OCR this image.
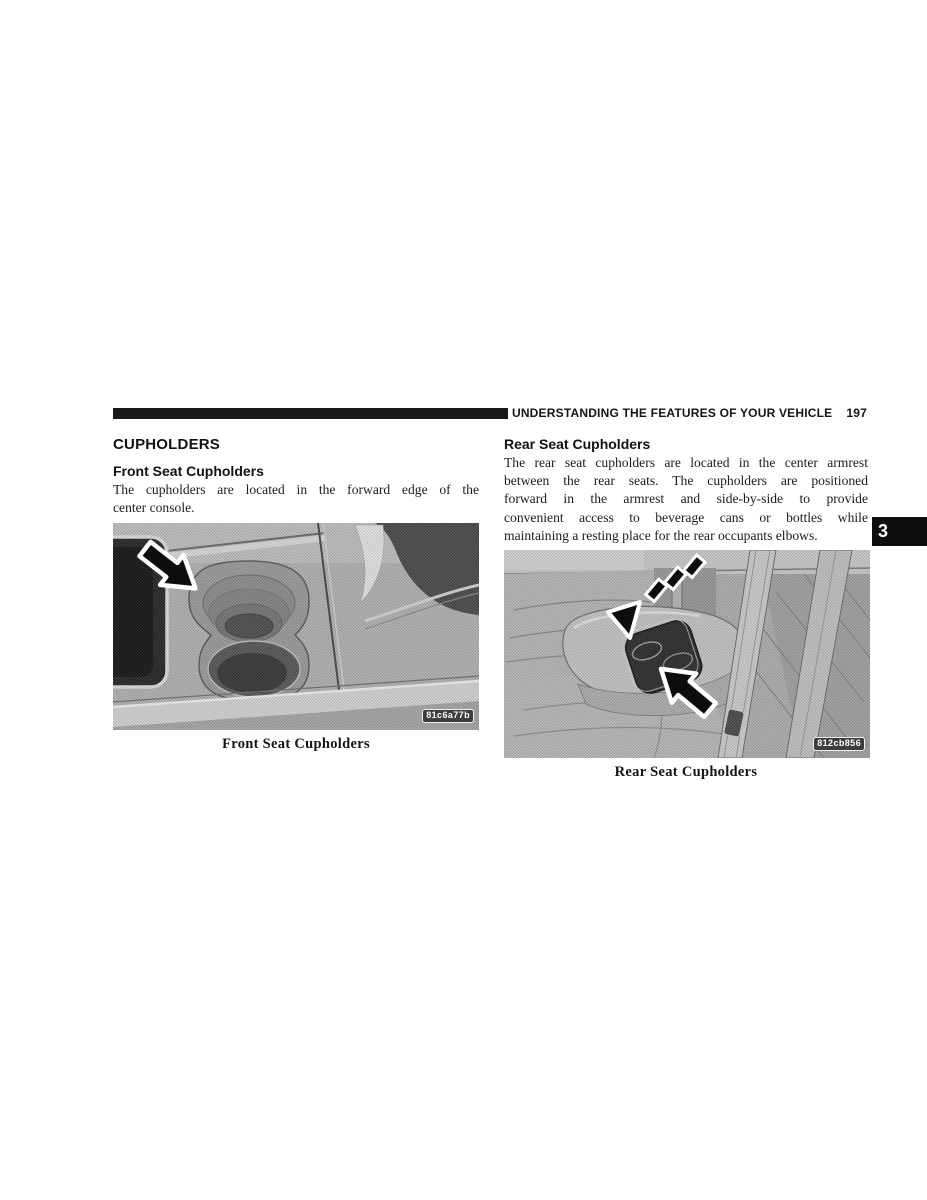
UNDERSTANDING THE FEATURES OF YOUR VEHICLE 197
3
CUPHOLDERS
Front Seat Cupholders
The cupholders are located in the forward edge of the
center console.
81c6a77b
Front Seat Cupholders
Rear Seat Cupholders
The rear seat cupholders are located in the center armrest
between the rear seats. The cupholders are positioned
forward in the armrest and side-by-side to provide
convenient access to beverage cans or bottles while
maintaining a resting place for the rear occupants elbows.
812cb856
Rear Seat Cupholders
